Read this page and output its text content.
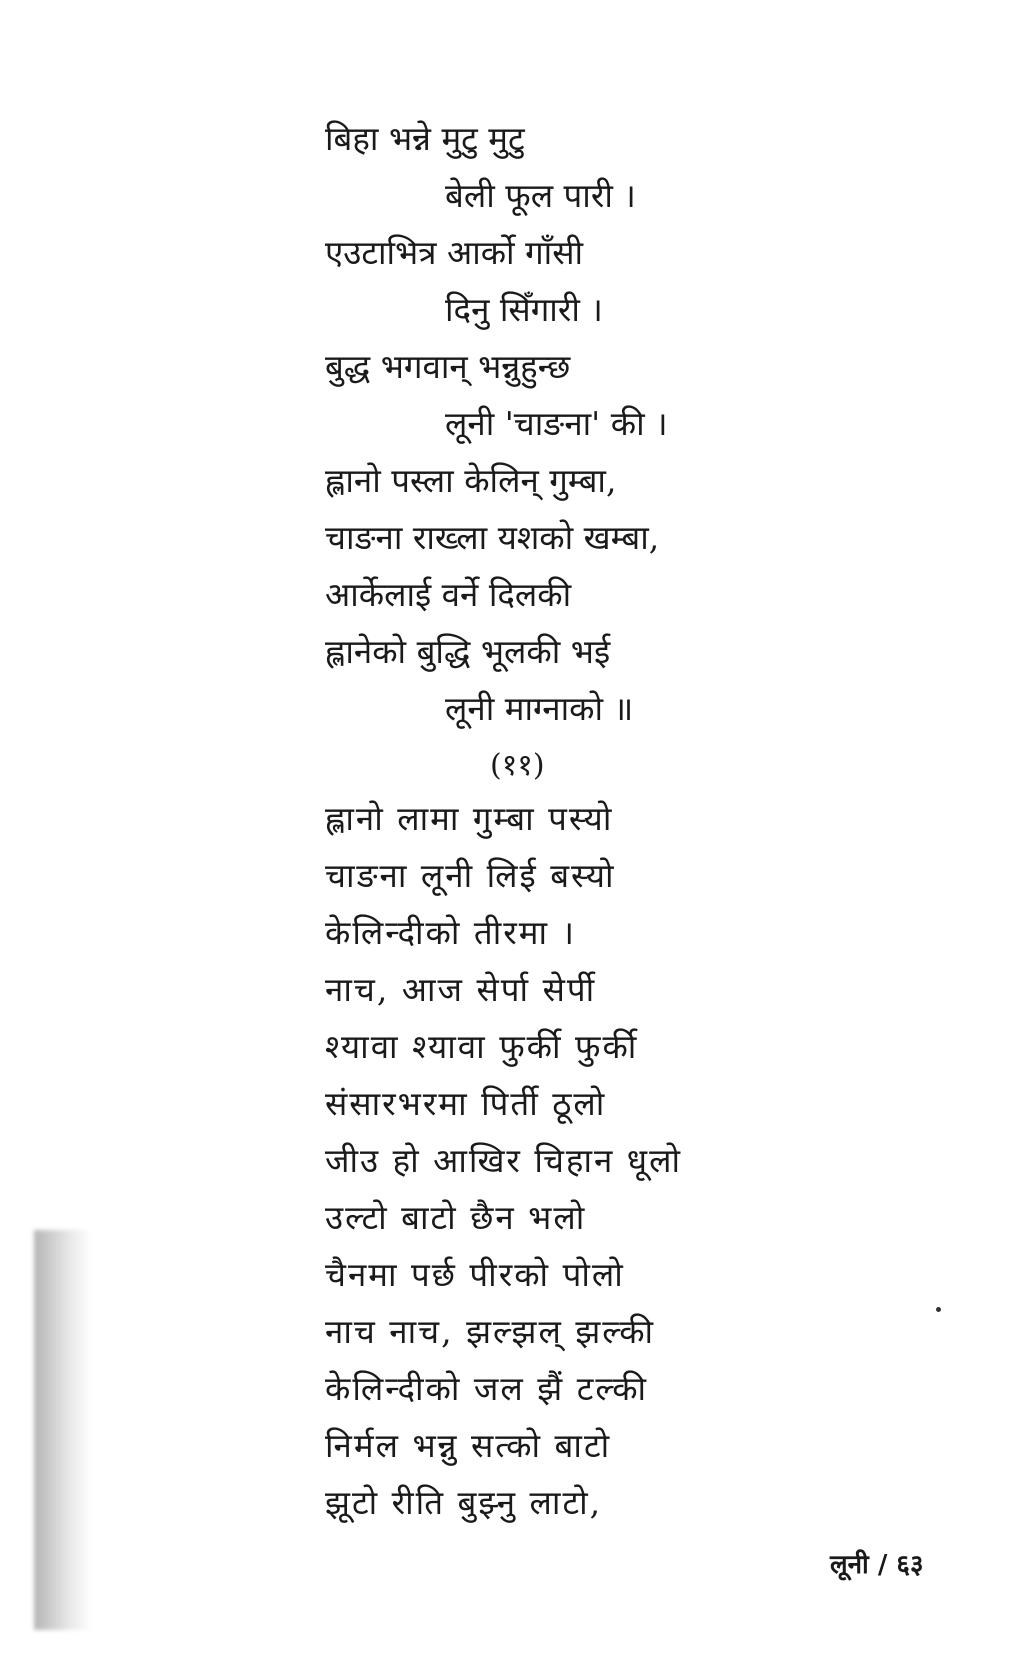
बिहा भन्ने मुटु मुटु
बेली फूल पारी ।
एउटाभित्र आर्को गाँसी
दिनु सिँगारी ।
बुद्ध भगवान् भन्नुहुन्छ
लूनी 'चाङना' की ।
ह्लानो पस्ला केलिन् गुम्बा,
चाङना राख्ला यशको खम्बा,
आर्केलाई वर्ने दिलकी
ह्लानेको बुद्धि भूलकी भई
लूनी माग्नाको ॥
(११)
ह्लानो लामा गुम्बा पस्यो
चाङना लूनी लिई बस्यो
केलिन्दीको तीरमा ।
नाच, आज सेर्पा सेर्पी
श्यावा श्यावा फुर्की फुर्की
संसारभरमा पिर्ती ठूलो
जीउ हो आखिर चिहान धूलो
उल्टो बाटो छैन भलो
चैनमा पर्छ पीरको पोलो
नाच नाच, झल्झल् झल्की
केलिन्दीको जल झैं टल्की
निर्मल भन्नु सत्को बाटो
झूटो रीति बुझ्नु लाटो,
लूनी / ६३
